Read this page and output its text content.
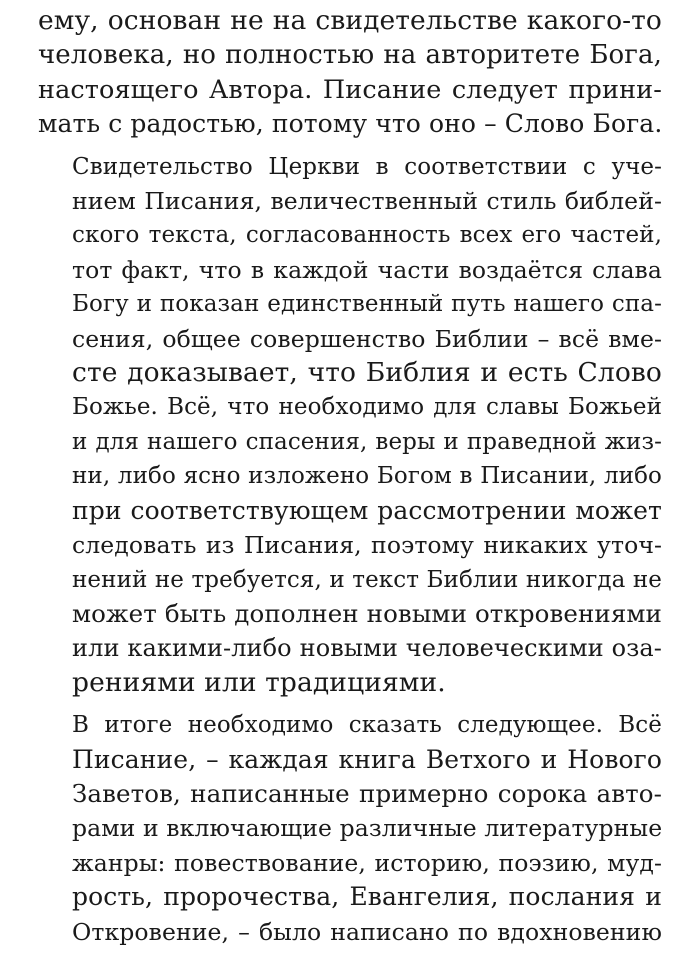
ему, основан не на свидетельстве какого-то
человека, но полностью на авторитете Бога,
настоящего Автора. Писание следует прини-
мать с радостью, потому что оно – Слово Бога.

Свидетельство Церкви в соответствии с уче-
нием Писания, величественный стиль библей-
ского текста, согласованность всех его частей,
тот факт, что в каждой части воздаётся слава
Богу и показан единственный путь нашего спа-
сения, общее совершенство Библии – всё вме-
сте доказывает, что Библия и есть Слово
Божье. Всё, что необходимо для славы Божьей
и для нашего спасения, веры и праведной жиз-
ни, либо ясно изложено Богом в Писании, либо
при соответствующем рассмотрении может
следовать из Писания, поэтому никаких уточ-
нений не требуется, и текст Библии никогда не
может быть дополнен новыми откровениями
или какими-либо новыми человеческими оза-
рениями или традициями.

В итоге необходимо сказать следующее. Всё
Писание, – каждая книга Ветхого и Нового
Заветов, написанные примерно сорока авто-
рами и включающие различные литературные
жанры: повествование, историю, поэзию, муд-
рость, пророчества, Евангелия, послания и
Откровение, – было написано по вдохновению
